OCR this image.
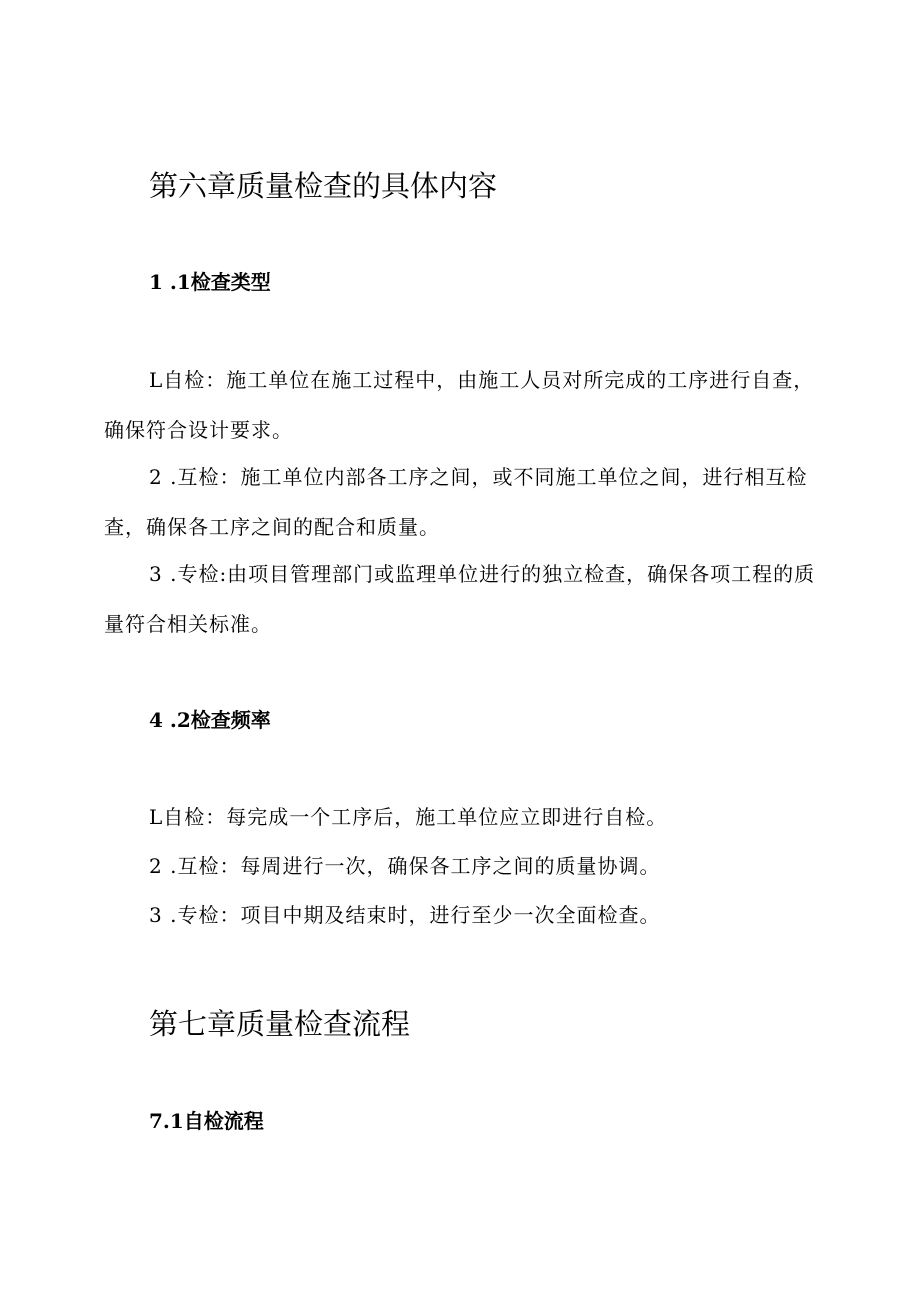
第六章质量检查的具体内容
1 .1检查类型

L自检：施工单位在施工过程中，由施工人员对所完成的工序进行自查，确保符合设计要求。

2 .互检：施工单位内部各工序之间，或不同施工单位之间，进行相互检查，确保各工序之间的配合和质量。

3 .专检:由项目管理部门或监理单位进行的独立检查，确保各项工程的质量符合相关标准。

4 .2检查频率

L自检：每完成一个工序后，施工单位应立即进行自检。

2 .互检：每周进行一次，确保各工序之间的质量协调。

3 .专检：项目中期及结束时，进行至少一次全面检查。

第七章质量检查流程
7.1自检流程
